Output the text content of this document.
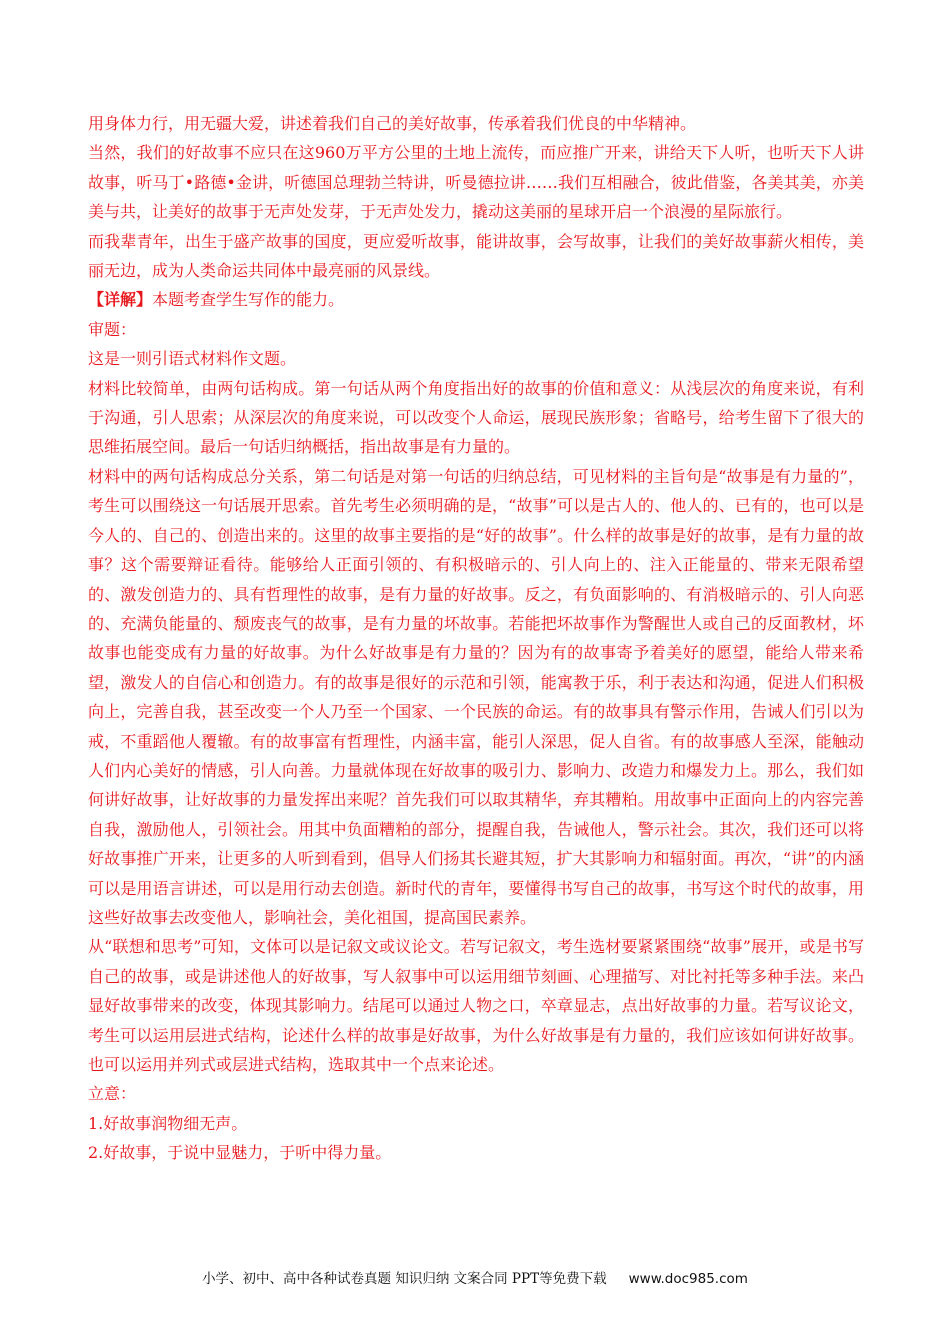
用身体力行，用无疆大爱，讲述着我们自己的美好故事，传承着我们优良的中华精神。

当然，我们的好故事不应只在这960万平方公里的土地上流传，而应推广开来，讲给天下人听，也听天下人讲故事，听马丁•路德•金讲，听德国总理勃兰特讲，听曼德拉讲……我们互相融合，彼此借鉴，各美其美，亦美美与共，让美好的故事于无声处发芽，于无声处发力，撬动这美丽的星球开启一个浪漫的星际旅行。

而我辈青年，出生于盛产故事的国度，更应爱听故事，能讲故事，会写故事，让我们的美好故事薪火相传，美丽无边，成为人类命运共同体中最亮丽的风景线。

【详解】本题考查学生写作的能力。

审题：

这是一则引语式材料作文题。

材料比较简单，由两句话构成。第一句话从两个角度指出好的故事的价值和意义：从浅层次的角度来说，有利于沟通，引人思索；从深层次的角度来说，可以改变个人命运，展现民族形象；省略号，给考生留下了很大的思维拓展空间。最后一句话归纳概括，指出故事是有力量的。

材料中的两句话构成总分关系，第二句话是对第一句话的归纳总结，可见材料的主旨句是“故事是有力量的”，考生可以围绕这一句话展开思索。首先考生必须明确的是，“故事”可以是古人的、他人的、已有的，也可以是今人的、自己的、创造出来的。这里的故事主要指的是“好的故事”。什么样的故事是好的故事，是有力量的故事？这个需要辩证看待。能够给人正面引领的、有积极暗示的、引人向上的、注入正能量的、带来无限希望的、激发创造力的、具有哲理性的故事，是有力量的好故事。反之，有负面影响的、有消极暗示的、引人向恶的、充满负能量的、颓废丧气的故事，是有力量的坏故事。若能把坏故事作为警醒世人或自己的反面教材，坏故事也能变成有力量的好故事。为什么好故事是有力量的？因为有的故事寄予着美好的愿望，能给人带来希望，激发人的自信心和创造力。有的故事是很好的示范和引领，能寓教于乐，利于表达和沟通，促进人们积极向上，完善自我，甚至改变一个人乃至一个国家、一个民族的命运。有的故事具有警示作用，告诫人们引以为戒，不重蹈他人覆辙。有的故事富有哲理性，内涵丰富，能引人深思，促人自省。有的故事感人至深，能触动人们内心美好的情感，引人向善。力量就体现在好故事的吸引力、影响力、改造力和爆发力上。那么，我们如何讲好故事，让好故事的力量发挥出来呢？首先我们可以取其精华，弃其糟粕。用故事中正面向上的内容完善自我，激励他人，引领社会。用其中负面糟粕的部分，提醒自我，告诫他人，警示社会。其次，我们还可以将好故事推广开来，让更多的人听到看到，倡导人们扬其长避其短，扩大其影响力和辐射面。再次，“讲”的内涵可以是用语言讲述，可以是用行动去创造。新时代的青年，要懂得书写自己的故事，书写这个时代的故事，用这些好故事去改变他人，影响社会，美化祖国，提高国民素养。

从“联想和思考”可知，文体可以是记叙文或议论文。若写记叙文，考生选材要紧紧围绕“故事”展开，或是书写自己的故事，或是讲述他人的好故事，写人叙事中可以运用细节刻画、心理描写、对比衬托等多种手法。来凸显好故事带来的改变，体现其影响力。结尾可以通过人物之口，卒章显志，点出好故事的力量。若写议论文，考生可以运用层进式结构，论述什么样的故事是好故事，为什么好故事是有力量的，我们应该如何讲好故事。也可以运用并列式或层进式结构，选取其中一个点来论述。

立意：

1.好故事润物细无声。

2.好故事，于说中显魅力，于听中得力量。

小学、初中、高中各种试卷真题 知识归纳 文案合同 PPT等免费下载 www.doc985.com
